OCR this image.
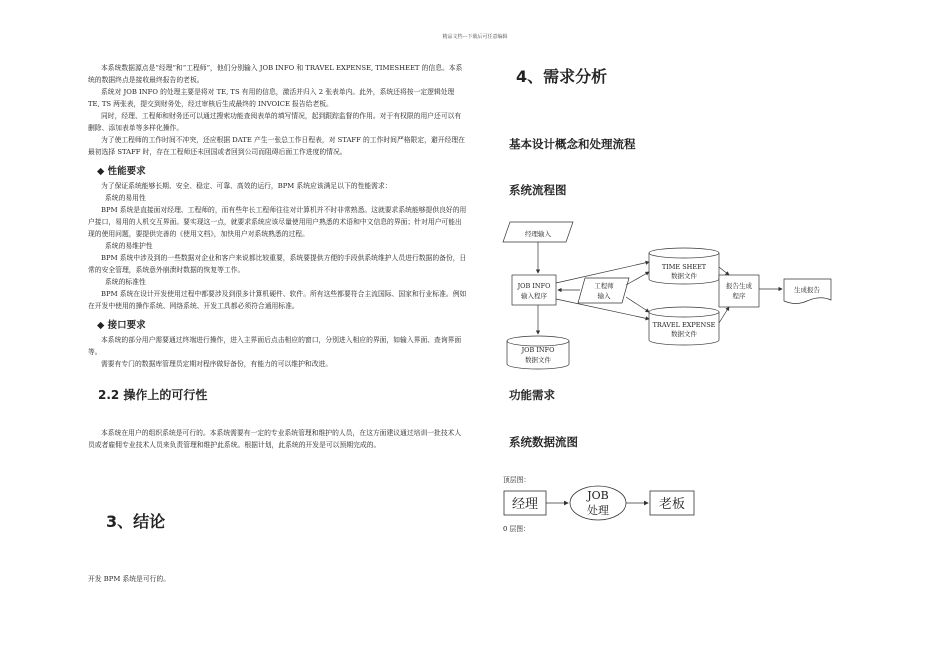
精品文档---下载后可任意编辑

本系统数据源点是“经理”和“工程师”，他们分别输入 JOB INFO 和 TRAVEL EXPENSE, TIMESHEET 的信息。本系统的数据终点是接收最终报告的老板。

系统对 JOB INFO 的处理主要是将对 TE, TS 有用的信息，激活并归入 2 张表单内。此外，系统还将按一定逻辑处理 TE, TS 两张表，提交到财务处，经过审核后生成最终的 INVOICE 报告给老板。

同时，经理、工程师和财务还可以通过搜索功能查阅表单的填写情况，起到跟踪监督的作用。对于有权限的用户还可以有删除、添加表单等多样化操作。

为了使工程师的工作时间不冲突，还应根据 DATE 产生一张总工作日程表，对 STAFF 的工作时间严格限定，避开经理在最初选择 STAFF 时，存在工程师还未回国或者回到公司而阻碍后面工作进度的情况。

◆ 性能要求

为了保证系统能够长期、安全、稳定、可靠、高效的运行，BPM 系统应该满足以下的性能需求：

系统的易用性

BPM 系统是直接面对经理、工程师的，而有些年长工程师往往对计算机并不时非常熟悉。这就要求系统能够提供良好的用户接口，易用的人机交互界面。要实现这一点，就要求系统应该尽量使用用户熟悉的术语和中文信息的界面；针对用户可能出现的使用问题，要提供完善的《使用文档》，加快用户对系统熟悉的过程。

系统的易维护性

BPM 系统中涉及到的一些数据对企业和客户来说都比较重要，系统要提供方便的手段供系统维护人员进行数据的备份，日常的安全管理，系统意外崩溃时数据的恢复等工作。

系统的标准性

BPM 系统在设计开发使用过程中都要涉及到很多计算机硬件、软件。所有这些都要符合主流国际、国家和行业标准。例如在开发中使用的操作系统、网络系统、开发工具都必须符合通用标准。

◆ 接口要求

本系统的部分用户需要通过终端进行操作，进入主界面后点击相应的窗口，分别进入相应的界面，如输入界面、查询界面等。

需要有专门的数据库管理员定期对程序做好备份，有能力的可以维护和改进。

2.2 操作上的可行性

本系统在用户的组织系统是可行的。本系统需要有一定的专业系统管理和维护的人员，在这方面建议通过培训一批技术人员或者雇佣专业技术人员来负责管理和维护此系统。根据计划，此系统的开发是可以预期完成的。

3、结论
开发 BPM 系统是可行的。
4、需求分析
基本设计概念和处理流程
系统流程图
经理输入
JOB INFO
输入程序
工程师
输入
TIME SHEET
数据文件
TRAVEL EXPENSE
数据文件
报告生成
程序
生成报告
JOB INFO
数据文件
功能需求
系统数据流图
顶层图：
经理
JOB
处理	老板
0 层图：
